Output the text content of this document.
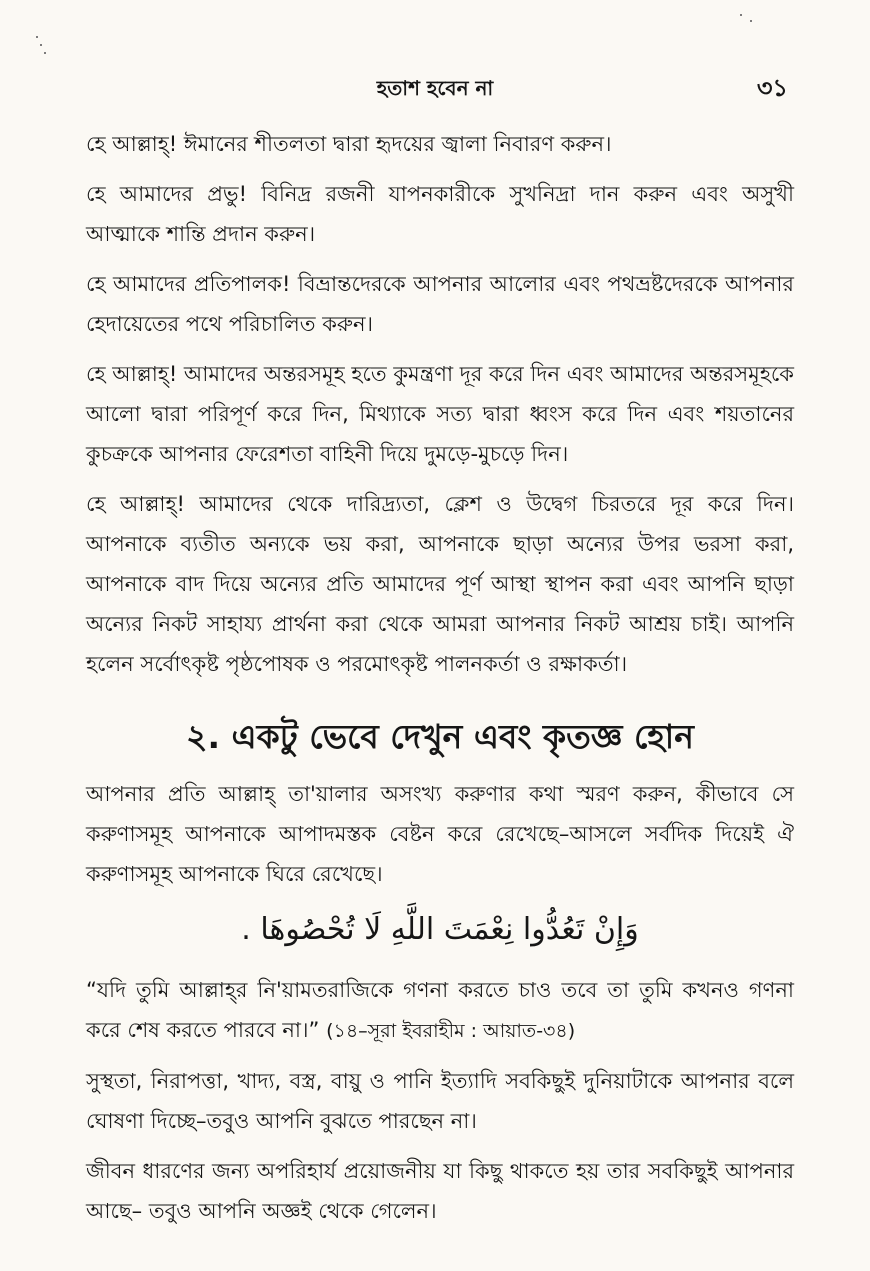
হতাশ হবেন না	৩১

হে আল্লাহ্! ঈমানের শীতলতা দ্বারা হৃদয়ের জ্বালা নিবারণ করুন।

হে আমাদের প্রভু! বিনিদ্র রজনী যাপনকারীকে সুখনিদ্রা দান করুন এবং অসুখী আত্মাকে শান্তি প্রদান করুন।

হে আমাদের প্রতিপালক! বিভ্রান্তদেরকে আপনার আলোর এবং পথভ্রষ্টদেরকে আপনার হেদায়েতের পথে পরিচালিত করুন।

হে আল্লাহ্! আমাদের অন্তরসমূহ হতে কুমন্ত্রণা দূর করে দিন এবং আমাদের অন্তরসমূহকে আলো দ্বারা পরিপূর্ণ করে দিন, মিথ্যাকে সত্য দ্বারা ধ্বংস করে দিন এবং শয়তানের কুচক্রকে আপনার ফেরেশতা বাহিনী দিয়ে দুমড়ে-মুচড়ে দিন।

হে আল্লাহ্! আমাদের থেকে দারিদ্র্যতা, ক্লেশ ও উদ্বেগ চিরতরে দূর করে দিন। আপনাকে ব্যতীত অন্যকে ভয় করা, আপনাকে ছাড়া অন্যের উপর ভরসা করা, আপনাকে বাদ দিয়ে অন্যের প্রতি আমাদের পূর্ণ আস্থা স্থাপন করা এবং আপনি ছাড়া অন্যের নিকট সাহায্য প্রার্থনা করা থেকে আমরা আপনার নিকট আশ্রয় চাই। আপনি হলেন সর্বোৎকৃষ্ট পৃষ্ঠপোষক ও পরমোৎকৃষ্ট পালনকর্তা ও রক্ষাকর্তা।

২. একটু ভেবে দেখুন এবং কৃতজ্ঞ হোন

আপনার প্রতি আল্লাহ্ তা'য়ালার অসংখ্য করুণার কথা স্মরণ করুন, কীভাবে সে করুণাসমূহ আপনাকে আপাদমস্তক বেষ্টন করে রেখেছে–আসলে সর্বদিক দিয়েই ঐ করুণাসমূহ আপনাকে ঘিরে রেখেছে।

وَإِنْ تَعُدُّوا نِعْمَتَ اللَّهِ لَا تُحْصُوهَا .

“যদি তুমি আল্লাহ্‌র নি'য়ামতরাজিকে গণনা করতে চাও তবে তা তুমি কখনও গণনা করে শেষ করতে পারবে না।” (১৪–সূরা ইবরাহীম : আয়াত-৩৪)

সুস্থতা, নিরাপত্তা, খাদ্য, বস্ত্র, বায়ু ও পানি ইত্যাদি সবকিছুই দুনিয়াটাকে আপনার বলে ঘোষণা দিচ্ছে–তবুও আপনি বুঝতে পারছেন না।

জীবন ধারণের জন্য অপরিহার্য প্রয়োজনীয় যা কিছু থাকতে হয় তার সবকিছুই আপনার আছে– তবুও আপনি অজ্ঞই থেকে গেলেন।
